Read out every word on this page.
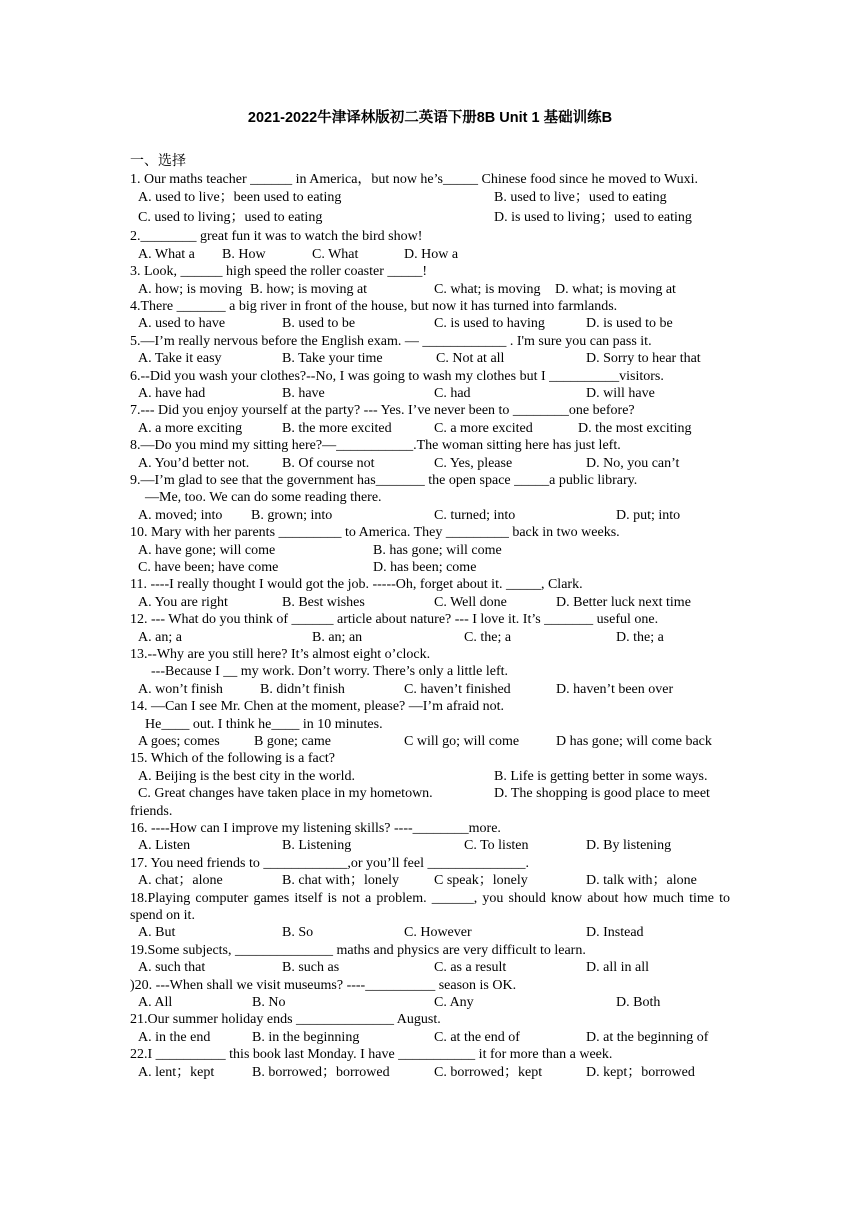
2021-2022牛津译林版初二英语下册8B Unit 1 基础训练B
一、选择
1. Our maths teacher ______ in America，but now he’s_____ Chinese food since he moved to Wuxi.
A. used to live；been used to eating	B. used to live；used to eating
C. used to living；used to eating	D. is used to living；used to eating
2.________ great fun it was to watch the bird show!
A. What a B. How	C. What	D. How a
3. Look, ______ high speed the roller coaster _____!
A. how; is moving B. how; is moving at	C. what; is moving D. what; is moving at
4.There _______ a big river in front of the house, but now it has turned into farmlands.
A. used to have	B. used to be	C. is used to having	D. is used to be
5.—I’m really nervous before the English exam. — ____________ . I'm sure you can pass it.
A. Take it easy	B. Take your time	C. Not at all	D. Sorry to hear that
6.--Did you wash your clothes?--No, I was going to wash my clothes but I __________visitors.
A. have had	B. have	C. had	D. will have
7.--- Did you enjoy yourself at the party? --- Yes. I’ve never been to ________one before?
A. a more exciting	B. the more excited	C. a more excited	D. the most exciting
8.—Do you mind my sitting here?—___________.The woman sitting here has just left.
A. You’d better not. B. Of course not	C. Yes, please	D. No, you can’t
9.—I’m glad to see that the government has_______ the open space _____a public library.
—Me, too. We can do some reading there.
A. moved; into B. grown; into	C. turned; into	D. put; into
10. Mary with her parents _________ to America. They _________ back in two weeks.
A. have gone; will come	B. has gone; will come
C. have been; have come	D. has been; come
11. ----I really thought I would got the job. -----Oh, forget about it. _____, Clark.
A. You are right	B. Best wishes	C. Well done	D. Better luck next time
12. --- What do you think of ______ article about nature? --- I love it. It’s _______ useful one.
A. an; a	B. an; an	C. the; a	D. the; a
13.--Why are you still here? It’s almost eight o’clock.
---Because I __ my work. Don’t worry. There’s only a little left.
A. won’t finish	B. didn’t finish	C. haven’t finished	D. haven’t been over
14. —Can I see Mr. Chen at the moment, please? —I’m afraid not.
He____ out. I think he____ in 10 minutes.
A goes; comes B gone; came	C will go; will come	D has gone; will come back
15. Which of the following is a fact?
A. Beijing is the best city in the world.	B. Life is getting better in some ways.
C. Great changes have taken place in my hometown.	D. The shopping is good place to meet
friends.
16. ----How can I improve my listening skills? ----________more.
A. Listen	B. Listening	C. To listen	D. By listening
17. You need friends to ____________,or you’ll feel ______________.
A. chat；alone	B. chat with；lonely C speak；lonely	D. talk with；alone
18.Playing computer games itself is not a problem. ______, you should know about how much time to spend on it.
A. But	B. So	C. However	D. Instead
19.Some subjects, ______________ maths and physics are very difficult to learn.
A. such that	B. such as	C. as a result	D. all in all
)20. ---When shall we visit museums? ----__________ season is OK.
A. All	B. No	C. Any	D. Both
21.Our summer holiday ends ______________ August.
A. in the end	B. in the beginning	C. at the end of	D. at the beginning of
22.I __________ this book last Monday. I have ___________ it for more than a week.
A. lent；kept	B. borrowed；borrowed	C. borrowed；kept	D. kept；borrowed
